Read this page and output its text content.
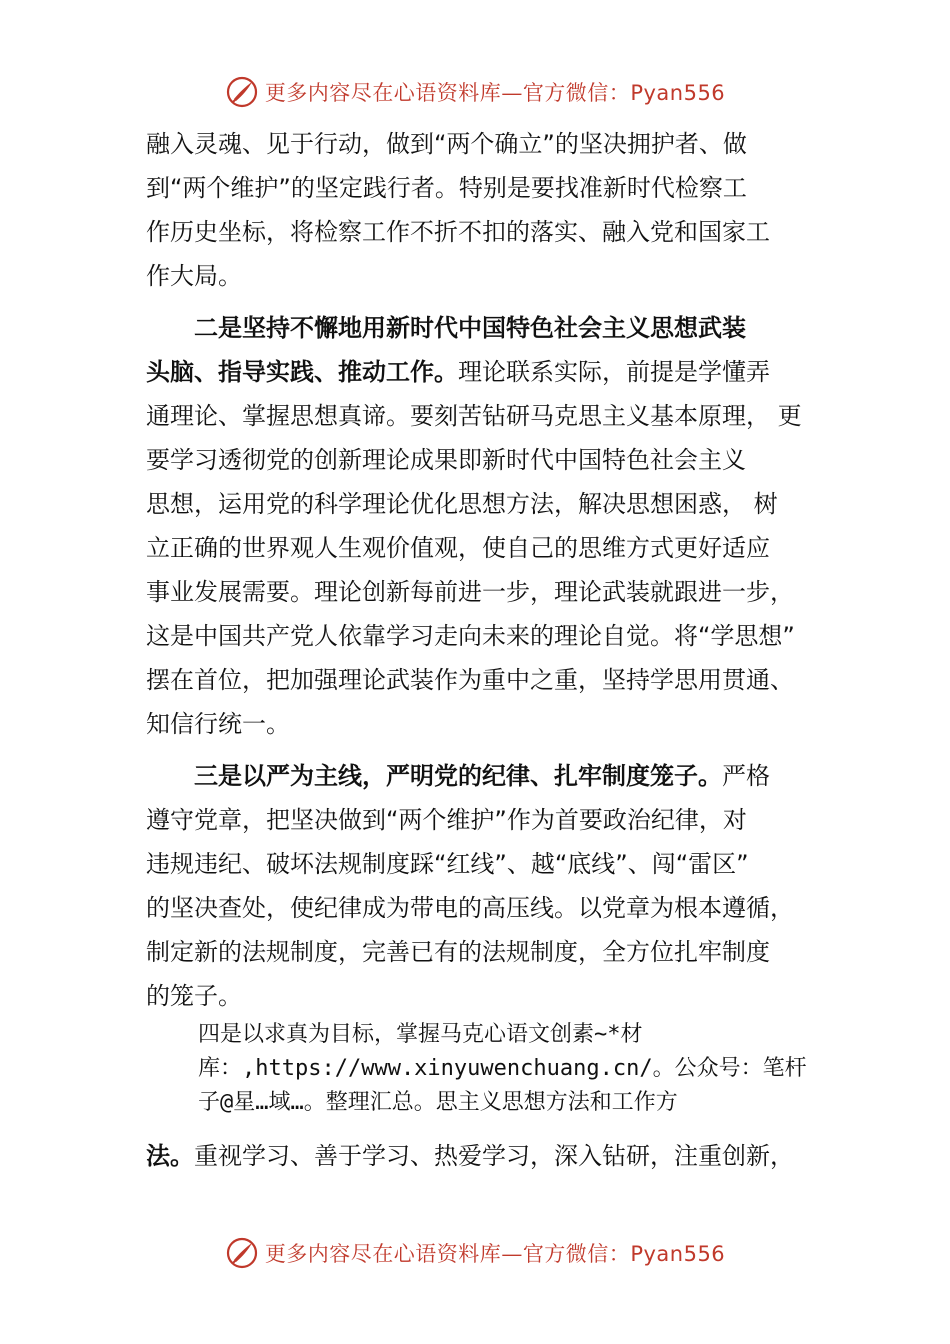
更多内容尽在心语资料库—官方微信：Pyan556
融入灵魂、见于行动，做到“两个确立”的坚决拥护者、做
到“两个维护”的坚定践行者。特别是要找准新时代检察工
作历史坐标，将检察工作不折不扣的落实、融入党和国家工
作大局。
二是坚持不懈地用新时代中国特色社会主义思想武装
头脑、指导实践、推动工作。理论联系实际，前提是学懂弄
通理论、掌握思想真谛。要刻苦钻研马克思主义基本原理， 更
要学习透彻党的创新理论成果即新时代中国特色社会主义
思想，运用党的科学理论优化思想方法，解决思想困惑， 树
立正确的世界观人生观价值观，使自己的思维方式更好适应
事业发展需要。理论创新每前进一步，理论武装就跟进一步，
这是中国共产党人依靠学习走向未来的理论自觉。将“学思想”
摆在首位，把加强理论武装作为重中之重，坚持学思用贯通、
知信行统一。
三是以严为主线，严明党的纪律、扎牢制度笼子。严格
遵守党章，把坚决做到“两个维护”作为首要政治纪律，对
违规违纪、破坏法规制度踩“红线”、越“底线”、闯“雷区”
的坚决查处，使纪律成为带电的高压线。以党章为根本遵循，
制定新的法规制度，完善已有的法规制度，全方位扎牢制度
的笼子。
四是以求真为目标，掌握马克心语文创素~*材
库：,https://www.xinyuwenchuang.cn/。公众号：笔杆
子@星…域…。整理汇总。思主义思想方法和工作方
法。重视学习、善于学习、热爱学习，深入钻研，注重创新，
更多内容尽在心语资料库—官方微信：Pyan556
